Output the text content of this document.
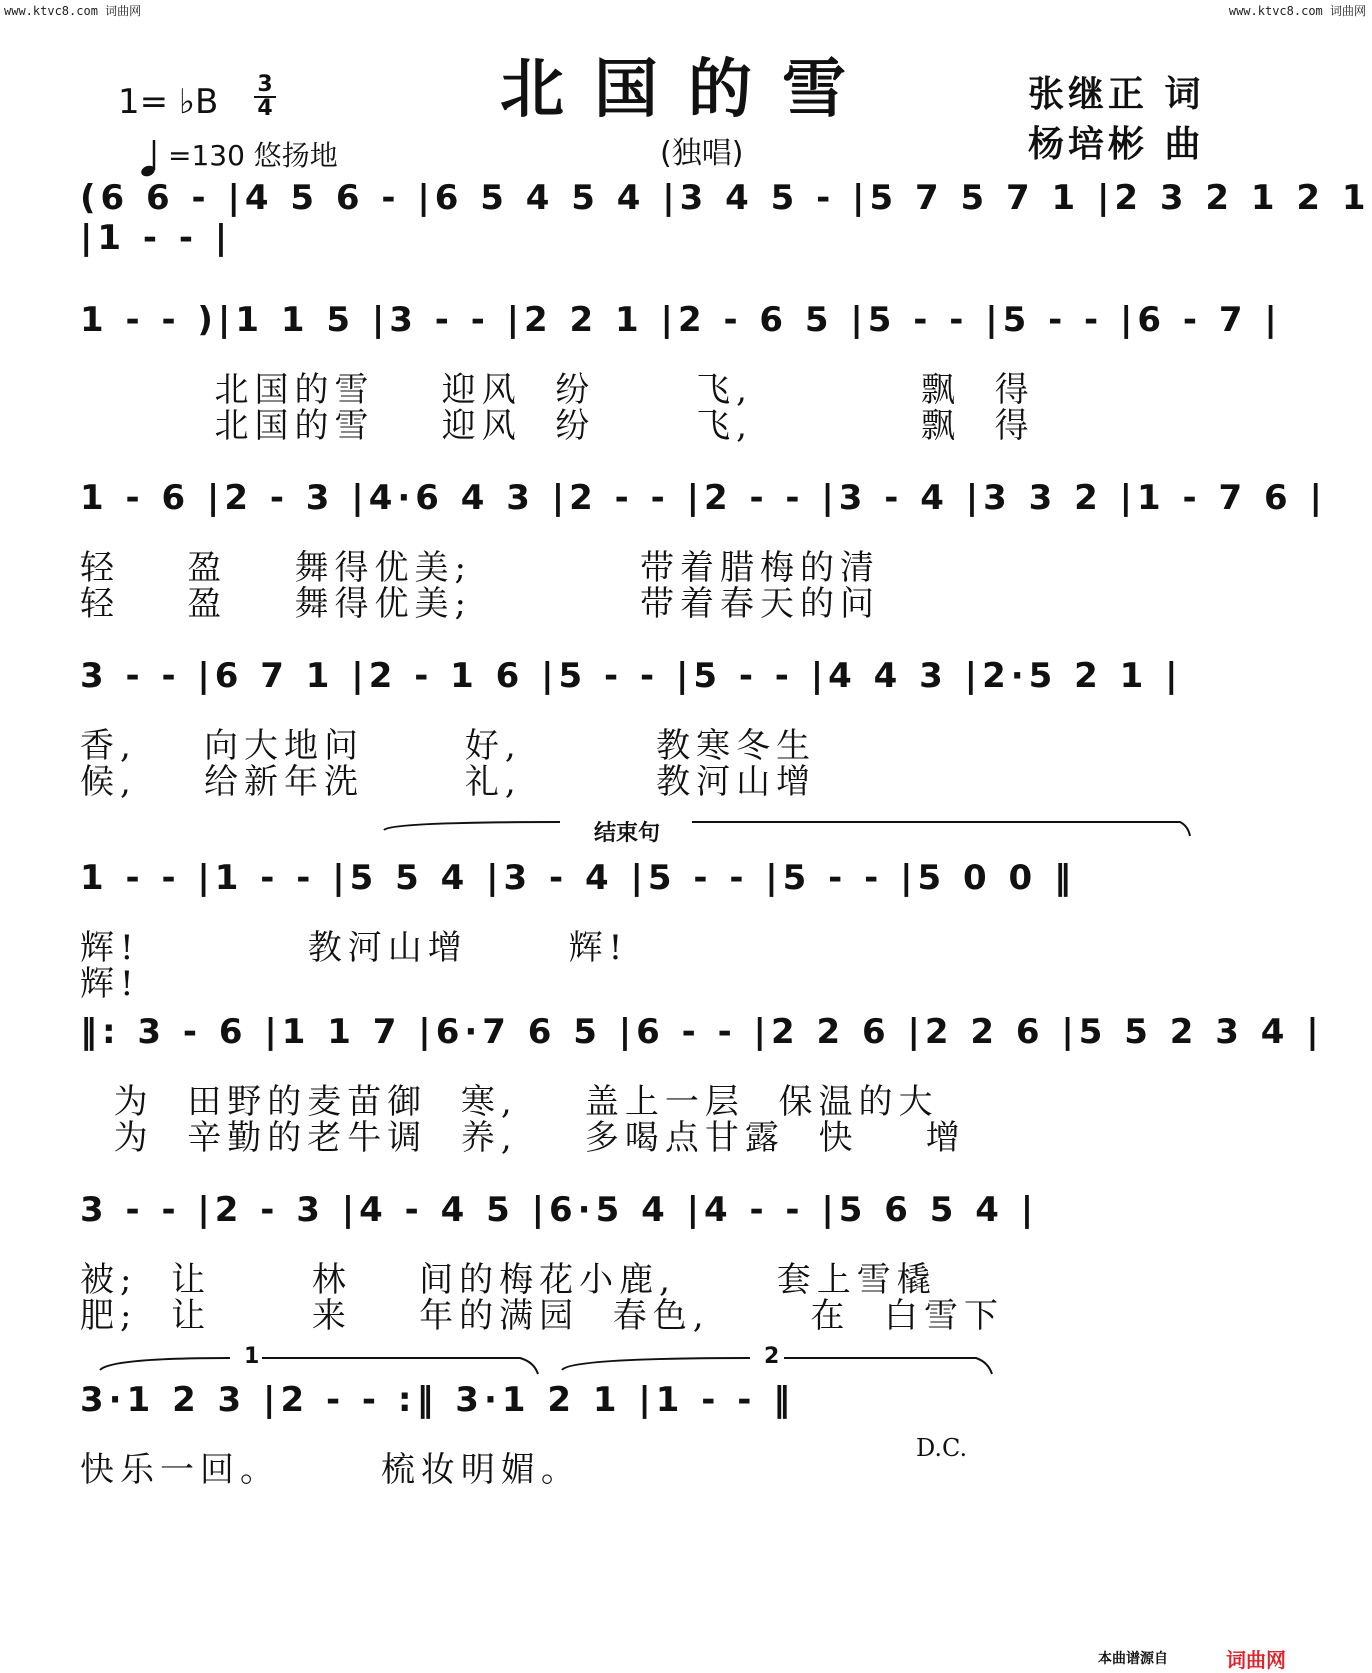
www.ktvc8.com 词曲网	www.ktvc8.com 词曲网
北国的雪
(独唱)
张继正 词
杨培彬 曲
1= ♭B 3
4
=130 悠扬地
(6 6 - |4 5 6 - |6 5 4 5 4 |3 4 5 - |5 7 5 7 1 |2 3 2 1 2 1 |1 - - |
1 - - )|1 1 5 |3 - - |2 2 1 |2 - 6 5 |5 - - |5 - - |6 - 7 |
北国的雪    迎风  纷      飞,          飘  得
北国的雪    迎风  纷      飞,          飘  得
1 - 6 |2 - 3 |4·6 4 3 |2 - - |2 - - |3 - 4 |3 3 2 |1 - 7 6 |
轻    盈    舞得优美;          带着腊梅的清
轻    盈    舞得优美;          带着春天的问
3 - - |6 7 1 |2 - 1 6 |5 - - |5 - - |4 4 3 |2·5 2 1 |
香,    向大地问      好,        教寒冬生
候,    给新年洗      礼,        教河山增
1 - - |1 - - |5 5 4 |3 - 4 |5 - - |5 - - |5 0 0 ‖
辉!          教河山增      辉!
辉!
‖: 3 - 6 |1 1 7 |6·7 6 5 |6 - - |2 2 6 |2 2 6 |5 5 2 3 4 |
为  田野的麦苗御  寒,    盖上一层  保温的大
为  辛勤的老牛调  养,    多喝点甘露  快    增
3 - - |2 - 3 |4 - 4 5 |6·5 4 |4 - - |5 6 5 4 |
被;  让      林    间的梅花小鹿,      套上雪橇
肥;  让      来    年的满园  春色,      在  白雪下
3·1 2 3 |2 - - :‖ 3·1 2 1 |1 - - ‖
快乐一回。      梳妆明媚。
结束句
1	2
D.C.
本曲谱源自	词曲网
